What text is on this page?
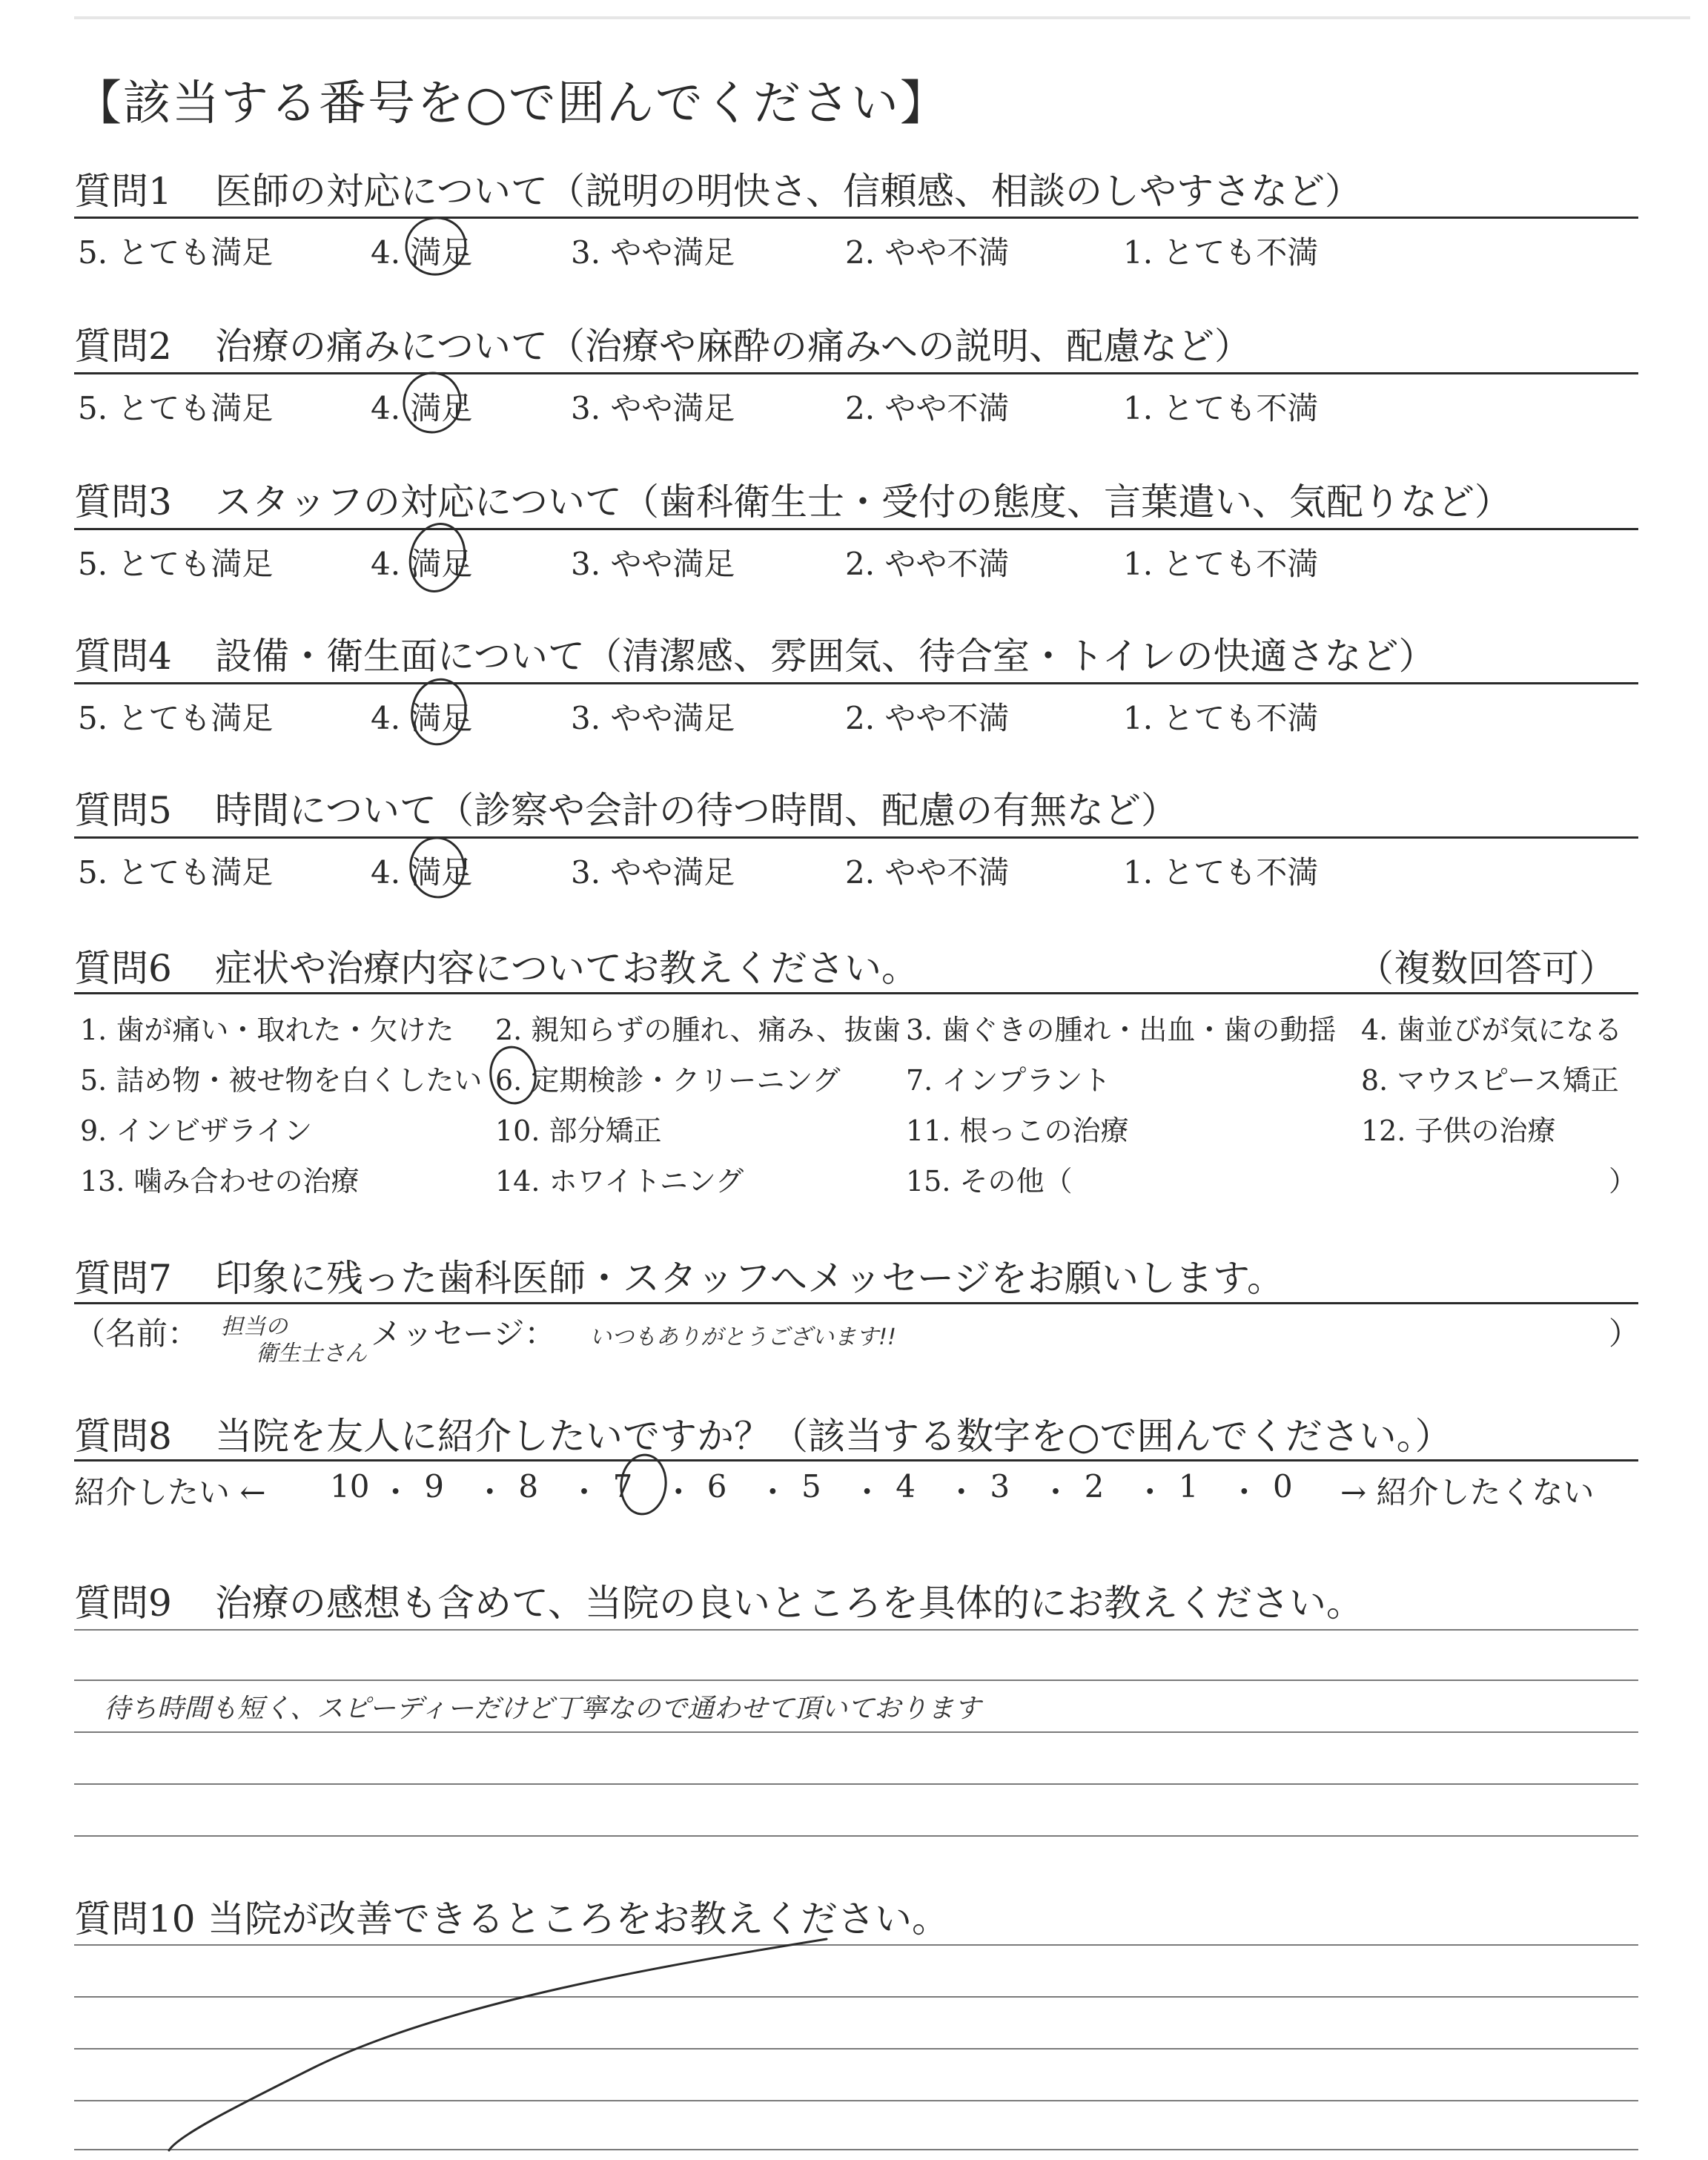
【該当する番号を○で囲んでください】
質問1 医師の対応について（説明の明快さ、信頼感、相談のしやすさなど）
5. とても満足	4. 満足	3. やや満足	2. やや不満	1. とても不満
質問2 治療の痛みについて（治療や麻酔の痛みへの説明、配慮など）
5. とても満足	4. 満足	3. やや満足	2. やや不満	1. とても不満
質問3 スタッフの対応について（歯科衛生士・受付の態度、言葉遣い、気配りなど）
5. とても満足	4. 満足	3. やや満足	2. やや不満	1. とても不満
質問4 設備・衛生面について（清潔感、雰囲気、待合室・トイレの快適さなど）
5. とても満足	4. 満足	3. やや満足	2. やや不満	1. とても不満
質問5 時間について（診察や会計の待つ時間、配慮の有無など）
5. とても満足	4. 満足	3. やや満足	2. やや不満	1. とても不満
質問6 症状や治療内容についてお教えください。	（複数回答可）
1. 歯が痛い・取れた・欠けた 2. 親知らずの腫れ、痛み、抜歯 3. 歯ぐきの腫れ・出血・歯の動揺 4. 歯並びが気になる
5. 詰め物・被せ物を白くしたい 6. 定期検診・クリーニング 7. インプラント	8. マウスピース矯正
9. インビザライン	10. 部分矯正	11. 根っこの治療	12. 子供の治療
13. 噛み合わせの治療	14. ホワイトニング	15. その他（	）
質問7 印象に残った歯科医師・スタッフへメッセージをお願いします。
（名前： 担当の
衛生士さん
メッセージ： いつもありがとうございます!!	）
質問8 当院を友人に紹介したいですか？（該当する数字を○で囲んでください。）
紹介したい ← 10 ・ 9 ・ 8 ・ 7 ・ 6 ・ 5 ・ 4 ・ 3 ・ 2 ・ 1 ・ 0 → 紹介したくない
質問9 治療の感想も含めて、当院の良いところを具体的にお教えください。
待ち時間も短く、スピーディーだけど丁寧なので通わせて頂いております
質問10 当院が改善できるところをお教えください。
